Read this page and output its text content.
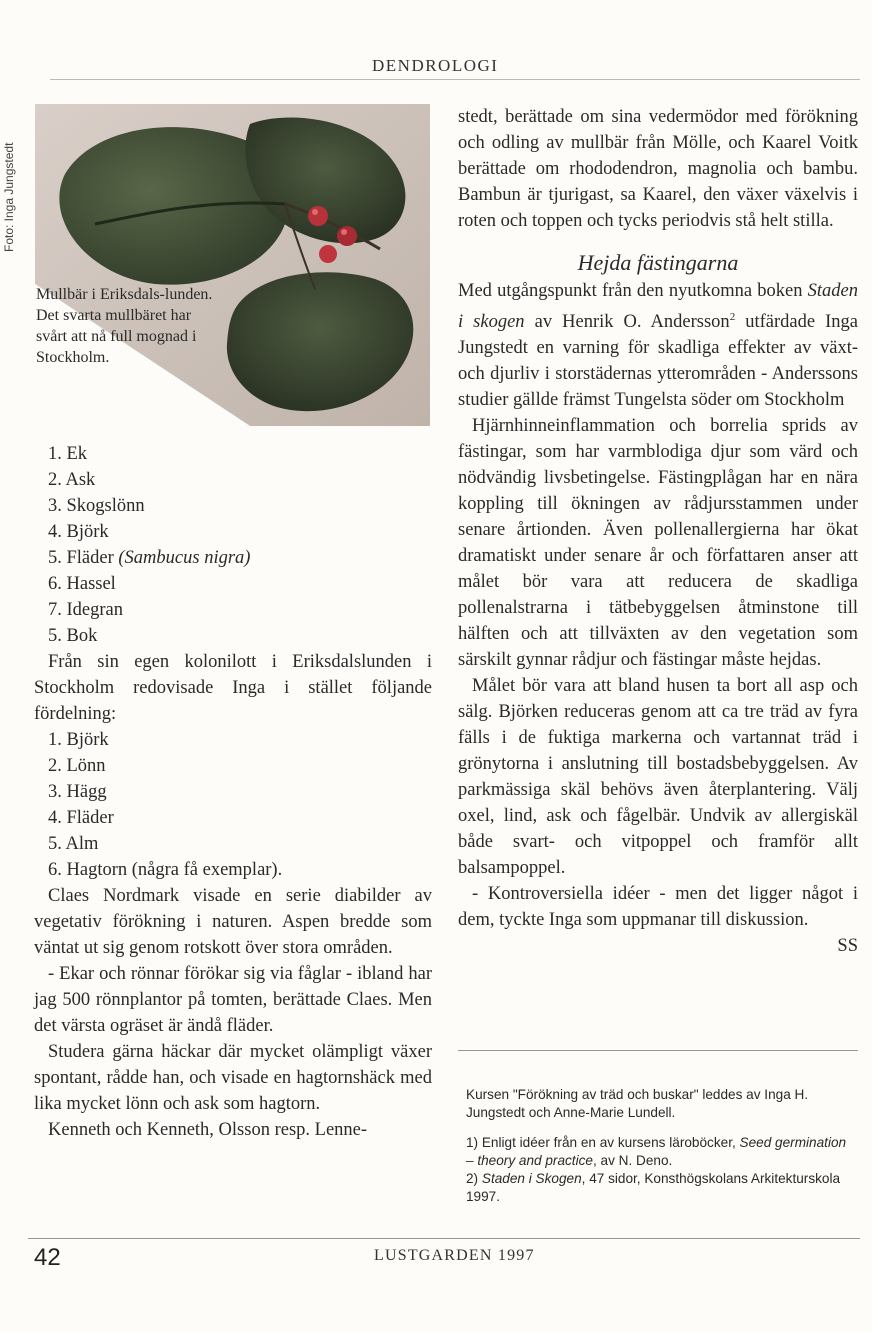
DENDROLOGI
Foto: Inga Jungstedt
Mullbär i Eriksdals-lunden. Det svarta mullbäret har svårt att nå full mognad i Stockholm.
1. Ek
2. Ask
3. Skogslönn
4. Björk
5. Fläder (Sambucus nigra)
6. Hassel
7. Idegran
5. Bok

Från sin egen kolonilott i Eriksdalslunden i Stockholm redovisade Inga i stället följande fördelning:

1. Björk
2. Lönn
3. Hägg
4. Fläder
5. Alm
6. Hagtorn (några få exemplar).

Claes Nordmark visade en serie diabilder av vegetativ förökning i naturen. Aspen bredde som väntat ut sig genom rotskott över stora områden.

- Ekar och rönnar förökar sig via fåglar - ibland har jag 500 rönnplantor på tomten, berättade Claes. Men det värsta ogräset är ändå fläder.

Studera gärna häckar där mycket olämpligt växer spontant, rådde han, och visade en hagtornshäck med lika mycket lönn och ask som hagtorn.

Kenneth och Kenneth, Olsson resp. Lenne-

stedt, berättade om sina vedermödor med förökning och odling av mullbär från Mölle, och Kaarel Voitk berättade om rhododendron, magnolia och bambu. Bambun är tjurigast, sa Kaarel, den växer växelvis i roten och toppen och tycks periodvis stå helt stilla.

Hejda fästingarna

Med utgångspunkt från den nyutkomna boken Staden i skogen av Henrik O. Andersson$^2$ utfärdade Inga Jungstedt en varning för skadliga effekter av växt- och djurliv i storstädernas ytterområden - Anderssons studier gällde främst Tungelsta söder om Stockholm

Hjärnhinneinflammation och borrelia sprids av fästingar, som har varmblodiga djur som värd och nödvändig livsbetingelse. Fästingplågan har en nära koppling till ökningen av rådjursstammen under senare årtionden. Även pollenallergierna har ökat dramatiskt under senare år och författaren anser att målet bör vara att reducera de skadliga pollenalstrarna i tätbebyggelsen åtminstone till hälften och att tillväxten av den vegetation som särskilt gynnar rådjur och fästingar måste hejdas.

Målet bör vara att bland husen ta bort all asp och sälg. Björken reduceras genom att ca tre träd av fyra fälls i de fuktiga markerna och vartannat träd i grönytorna i anslutning till bostadsbebyggelsen. Av parkmässiga skäl behövs även återplantering. Välj oxel, lind, ask och fågelbär. Undvik av allergiskäl både svart- och vitpoppel och framför allt balsampoppel.

- Kontroversiella idéer - men det ligger något i dem, tyckte Inga som uppmanar till diskussion.

SS
Kursen "Förökning av träd och buskar" leddes av Inga H. Jungstedt och Anne-Marie Lundell.
1) Enligt idéer från en av kursens läroböcker, Seed germination – theory and practice, av N. Deno.
2) Staden i Skogen, 47 sidor, Konsthögskolans Arkitekturskola 1997.
42	LUSTGARDEN 1997
